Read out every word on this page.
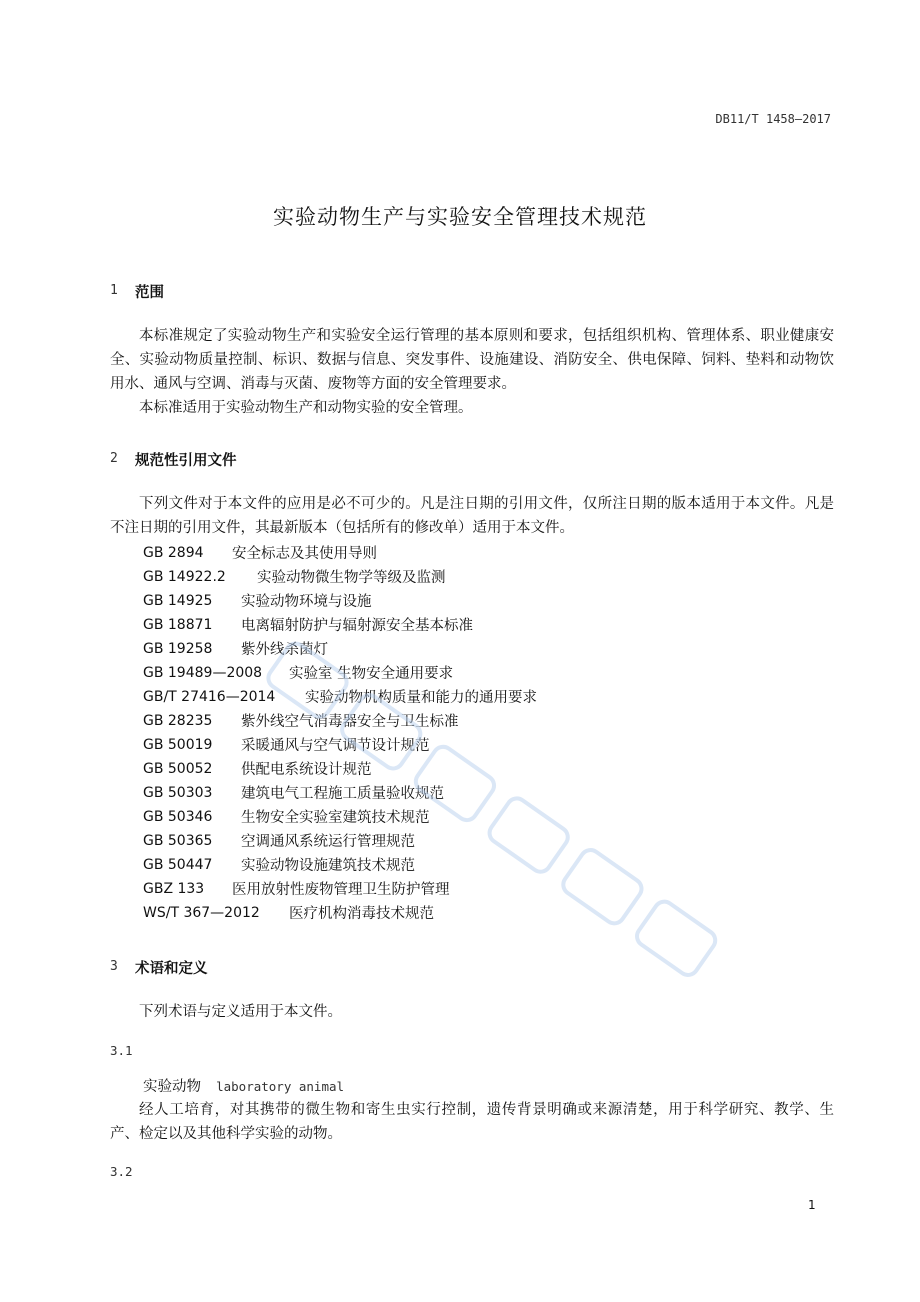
DB11/T 1458—2017
实验动物生产与实验安全管理技术规范
1 范围
本标准规定了实验动物生产和实验安全运行管理的基本原则和要求，包括组织机构、管理体系、职业健康安全、实验动物质量控制、标识、数据与信息、突发事件、设施建设、消防安全、供电保障、饲料、垫料和动物饮用水、通风与空调、消毒与灭菌、废物等方面的安全管理要求。
本标准适用于实验动物生产和动物实验的安全管理。
2 规范性引用文件
下列文件对于本文件的应用是必不可少的。凡是注日期的引用文件，仅所注日期的版本适用于本文件。凡是不注日期的引用文件，其最新版本（包括所有的修改单）适用于本文件。
GB 2894 安全标志及其使用导则
GB 14922.2 实验动物微生物学等级及监测
GB 14925 实验动物环境与设施
GB 18871 电离辐射防护与辐射源安全基本标准
GB 19258 紫外线杀菌灯
GB 19489—2008 实验室 生物安全通用要求
GB/T 27416—2014 实验动物机构质量和能力的通用要求
GB 28235 紫外线空气消毒器安全与卫生标准
GB 50019 采暖通风与空气调节设计规范
GB 50052 供配电系统设计规范
GB 50303 建筑电气工程施工质量验收规范
GB 50346 生物安全实验室建筑技术规范
GB 50365 空调通风系统运行管理规范
GB 50447 实验动物设施建筑技术规范
GBZ 133 医用放射性废物管理卫生防护管理
WS/T 367—2012 医疗机构消毒技术规范
3 术语和定义
下列术语与定义适用于本文件。
3.1
实验动物 laboratory animal
经人工培育，对其携带的微生物和寄生虫实行控制，遗传背景明确或来源清楚，用于科学研究、教学、生产、检定以及其他科学实验的动物。
3.2
1
